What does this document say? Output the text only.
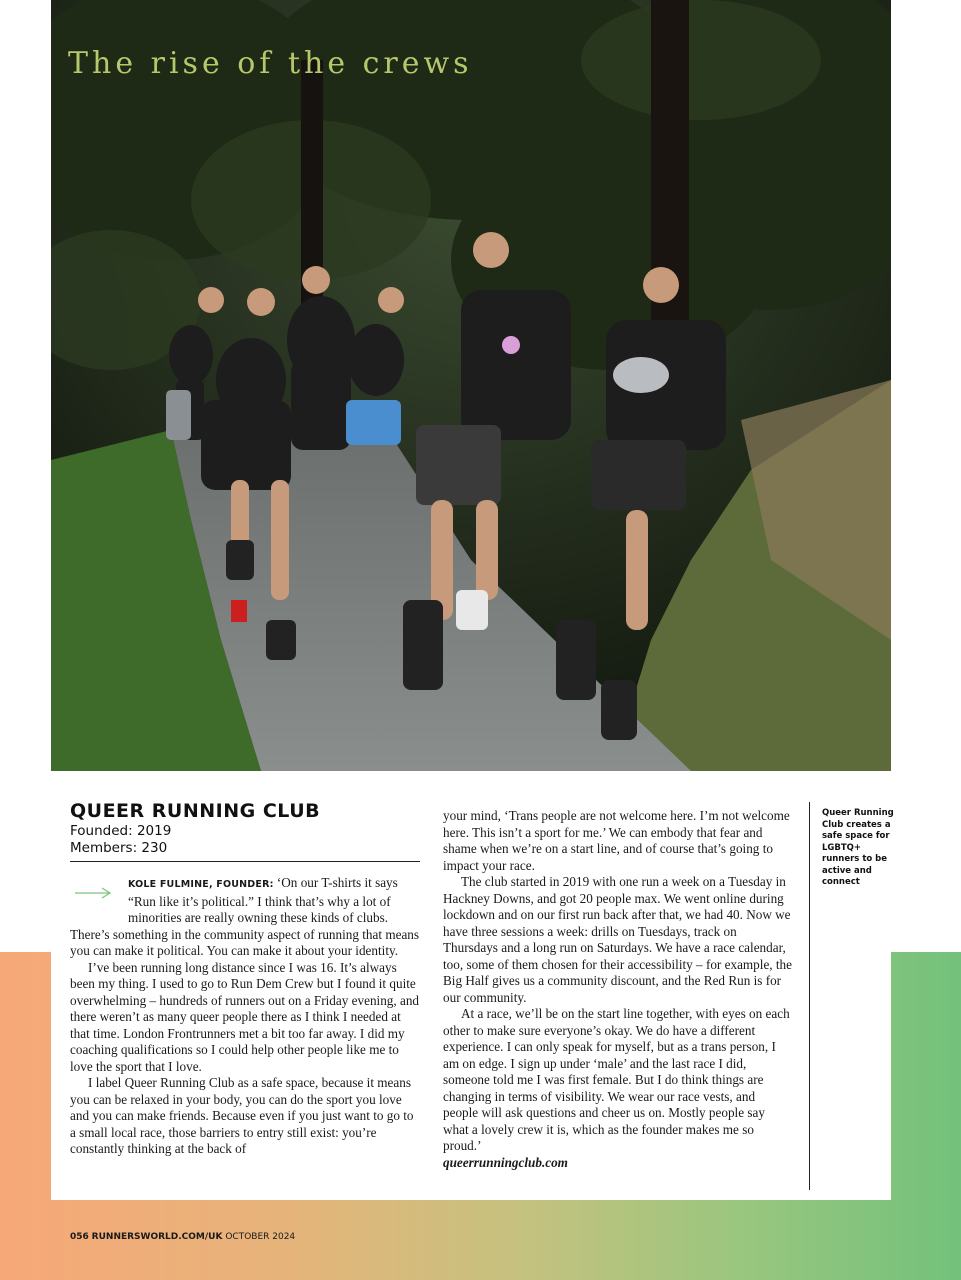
The rise of the crews
QUEER RUNNING CLUB
Founded: 2019
Members: 230

KOLE FULMINE, FOUNDER: ‘On our T-shirts it says “Run like it’s political.” I think that’s why a lot of minorities are really owning these kinds of clubs. There’s something in the community aspect of running that means you can make it political. You can make it about your identity.

I’ve been running long distance since I was 16. It’s always been my thing. I used to go to Run Dem Crew but I found it quite overwhelming – hundreds of runners out on a Friday evening, and there weren’t as many queer people there as I think I needed at that time. London Frontrunners met a bit too far away. I did my coaching qualifications so I could help other people like me to love the sport that I love.

I label Queer Running Club as a safe space, because it means you can be relaxed in your body, you can do the sport you love and you can make friends. Because even if you just want to go to a small local race, those barriers to entry still exist: you’re constantly thinking at the back of

your mind, ‘Trans people are not welcome here. I’m not welcome here. This isn’t a sport for me.’ We can embody that fear and shame when we’re on a start line, and of course that’s going to impact your race.

The club started in 2019 with one run a week on a Tuesday in Hackney Downs, and got 20 people max. We went online during lockdown and on our first run back after that, we had 40. Now we have three sessions a week: drills on Tuesdays, track on Thursdays and a long run on Saturdays. We have a race calendar, too, some of them chosen for their accessibility – for example, the Big Half gives us a community discount, and the Red Run is for our community.

At a race, we’ll be on the start line together, with eyes on each other to make sure everyone’s okay. We do have a different experience. I can only speak for myself, but as a trans person, I am on edge. I sign up under ‘male’ and the last race I did, someone told me I was first female. But I do think things are changing in terms of visibility. We wear our race vests, and people will ask questions and cheer us on. Mostly people say what a lovely crew it is, which as the founder makes me so proud.’

queerrunningclub.com

Queer Running Club creates a safe space for LGBTQ+ runners to be active and connect
056 RUNNERSWORLD.COM/UK OCTOBER 2024
